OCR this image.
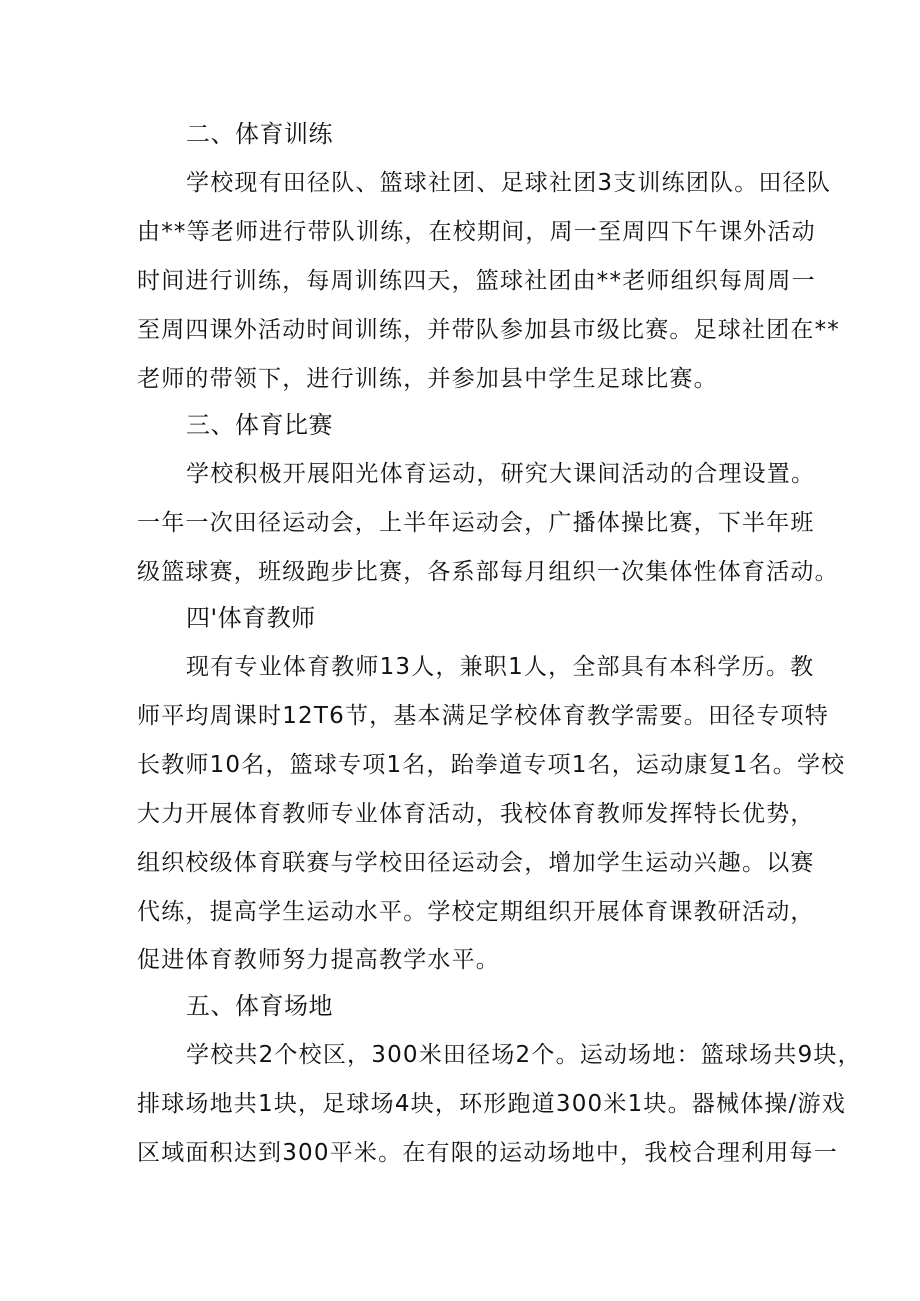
二、体育训练
学校现有田径队、篮球社团、足球社团3支训练团队。田径队
由**等老师进行带队训练，在校期间，周一至周四下午课外活动
时间进行训练，每周训练四天，篮球社团由**老师组织每周周一
至周四课外活动时间训练，并带队参加县市级比赛。足球社团在**
老师的带领下，进行训练，并参加县中学生足球比赛。
三、体育比赛
学校积极开展阳光体育运动，研究大课间活动的合理设置。
一年一次田径运动会，上半年运动会，广播体操比赛，下半年班
级篮球赛，班级跑步比赛，各系部每月组织一次集体性体育活动。
四'体育教师
现有专业体育教师13人，兼职1人，全部具有本科学历。教
师平均周课时12T6节，基本满足学校体育教学需要。田径专项特
长教师10名，篮球专项1名，跆拳道专项1名，运动康复1名。学校
大力开展体育教师专业体育活动，我校体育教师发挥特长优势，
组织校级体育联赛与学校田径运动会，增加学生运动兴趣。以赛
代练，提高学生运动水平。学校定期组织开展体育课教研活动，
促进体育教师努力提高教学水平。
五、体育场地
学校共2个校区，300米田径场2个。运动场地：篮球场共9块，
排球场地共1块，足球场4块，环形跑道300米1块。器械体操/游戏
区域面积达到300平米。在有限的运动场地中，我校合理利用每一
